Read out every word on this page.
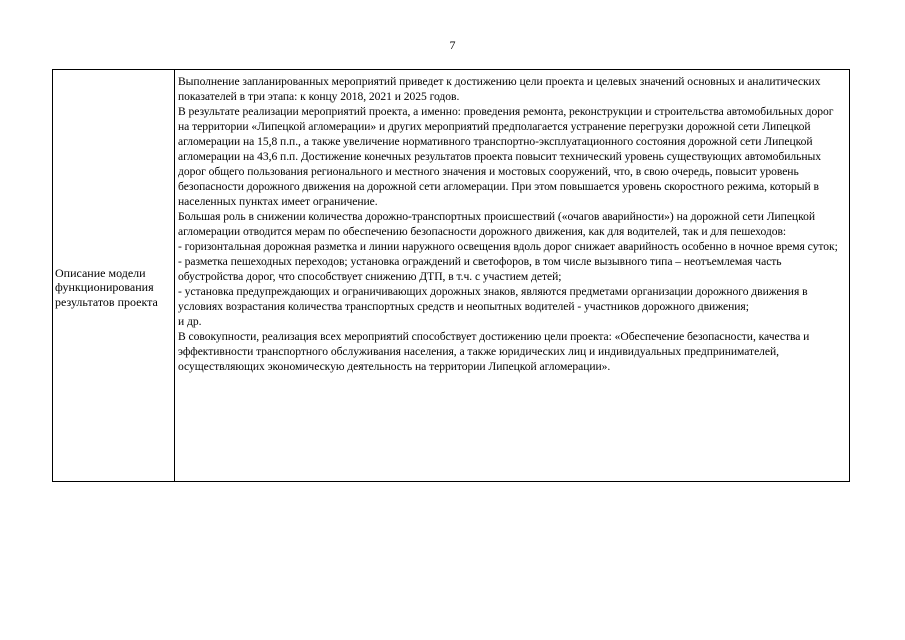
7
Описание модели функционирования результатов проекта

Выполнение запланированных мероприятий приведет к достижению цели проекта и целевых значений основных и аналитических показателей в три этапа: к концу 2018, 2021 и 2025 годов.

В результате реализации мероприятий проекта, а именно: проведения ремонта, реконструкции и строительства автомобильных дорог на территории «Липецкой агломерации» и других мероприятий предполагается устранение перегрузки дорожной сети Липецкой агломерации на 15,8 п.п., а также увеличение нормативного транспортно-эксплуатационного состояния дорожной сети Липецкой агломерации на 43,6 п.п. Достижение конечных результатов проекта повысит технический уровень существующих автомобильных дорог общего пользования регионального и местного значения и мостовых сооружений, что, в свою очередь, повысит уровень безопасности дорожного движения на дорожной сети агломерации. При этом повышается уровень скоростного режима, который в населенных пунктах имеет ограничение.

Большая роль в снижении количества дорожно-транспортных происшествий («очагов аварийности») на дорожной сети Липецкой агломерации отводится мерам по обеспечению безопасности дорожного движения, как для водителей, так и для пешеходов:

- горизонтальная дорожная разметка и линии наружного освещения вдоль дорог снижает аварийность особенно в ночное время суток;

- разметка пешеходных переходов; установка ограждений и светофоров, в том числе вызывного типа – неотъемлемая часть обустройства дорог, что способствует снижению ДТП, в т.ч. с участием детей;

- установка предупреждающих и ограничивающих дорожных знаков, являются предметами организации дорожного движения в условиях возрастания количества транспортных средств и неопытных водителей - участников дорожного движения;

и др.

В совокупности, реализация всех мероприятий способствует достижению цели проекта: «Обеспечение безопасности, качества и эффективности транспортного обслуживания населения, а также юридических лиц и индивидуальных предпринимателей, осуществляющих экономическую деятельность на территории Липецкой агломерации».
